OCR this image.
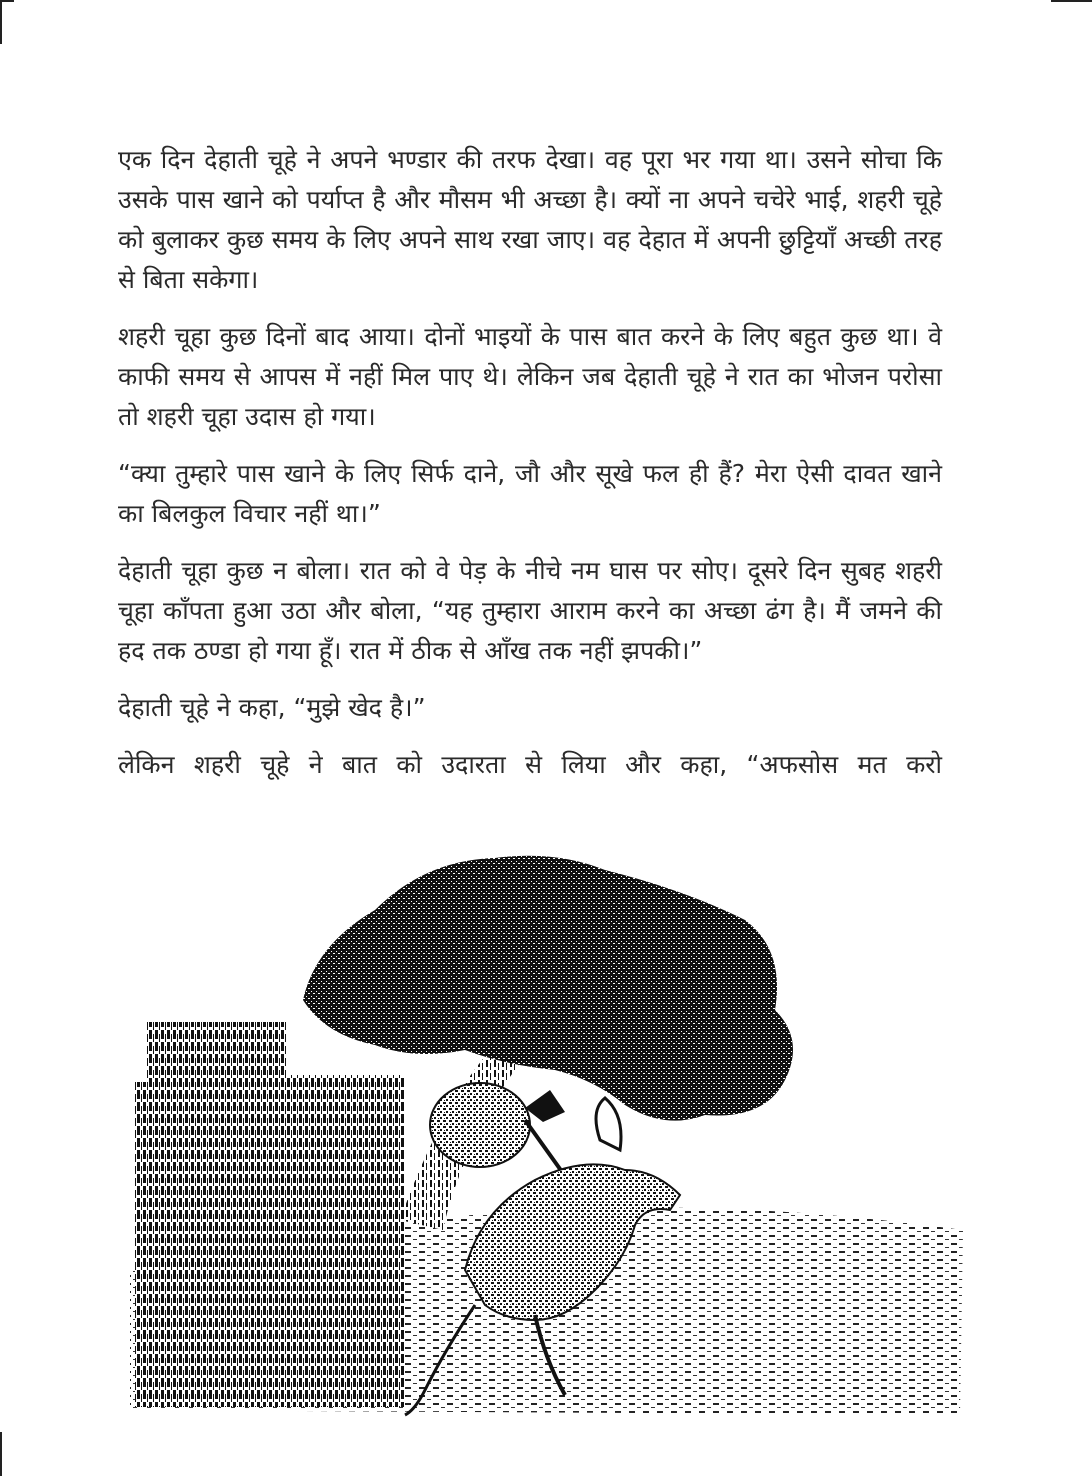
एक दिन देहाती चूहे ने अपने भण्डार की तरफ देखा। वह पूरा भर गया था। उसने सोचा कि उसके पास खाने को पर्याप्त है और मौसम भी अच्छा है। क्यों ना अपने चचेरे भाई, शहरी चूहे को बुलाकर कुछ समय के लिए अपने साथ रखा जाए। वह देहात में अपनी छुट्टियाँ अच्छी तरह से बिता सकेगा।

शहरी चूहा कुछ दिनों बाद आया। दोनों भाइयों के पास बात करने के लिए बहुत कुछ था। वे काफी समय से आपस में नहीं मिल पाए थे। लेकिन जब देहाती चूहे ने रात का भोजन परोसा तो शहरी चूहा उदास हो गया।

“क्या तुम्हारे पास खाने के लिए सिर्फ दाने, जौ और सूखे फल ही हैं? मेरा ऐसी दावत खाने का बिलकुल विचार नहीं था।”

देहाती चूहा कुछ न बोला। रात को वे पेड़ के नीचे नम घास पर सोए। दूसरे दिन सुबह शहरी चूहा काँपता हुआ उठा और बोला, “यह तुम्हारा आराम करने का अच्छा ढंग है। मैं जमने की हद तक ठण्डा हो गया हूँ। रात में ठीक से आँख तक नहीं झपकी।”

देहाती चूहे ने कहा, “मुझे खेद है।”

लेकिन शहरी चूहे ने बात को उदारता से लिया और कहा, “अफसोस मत करो
